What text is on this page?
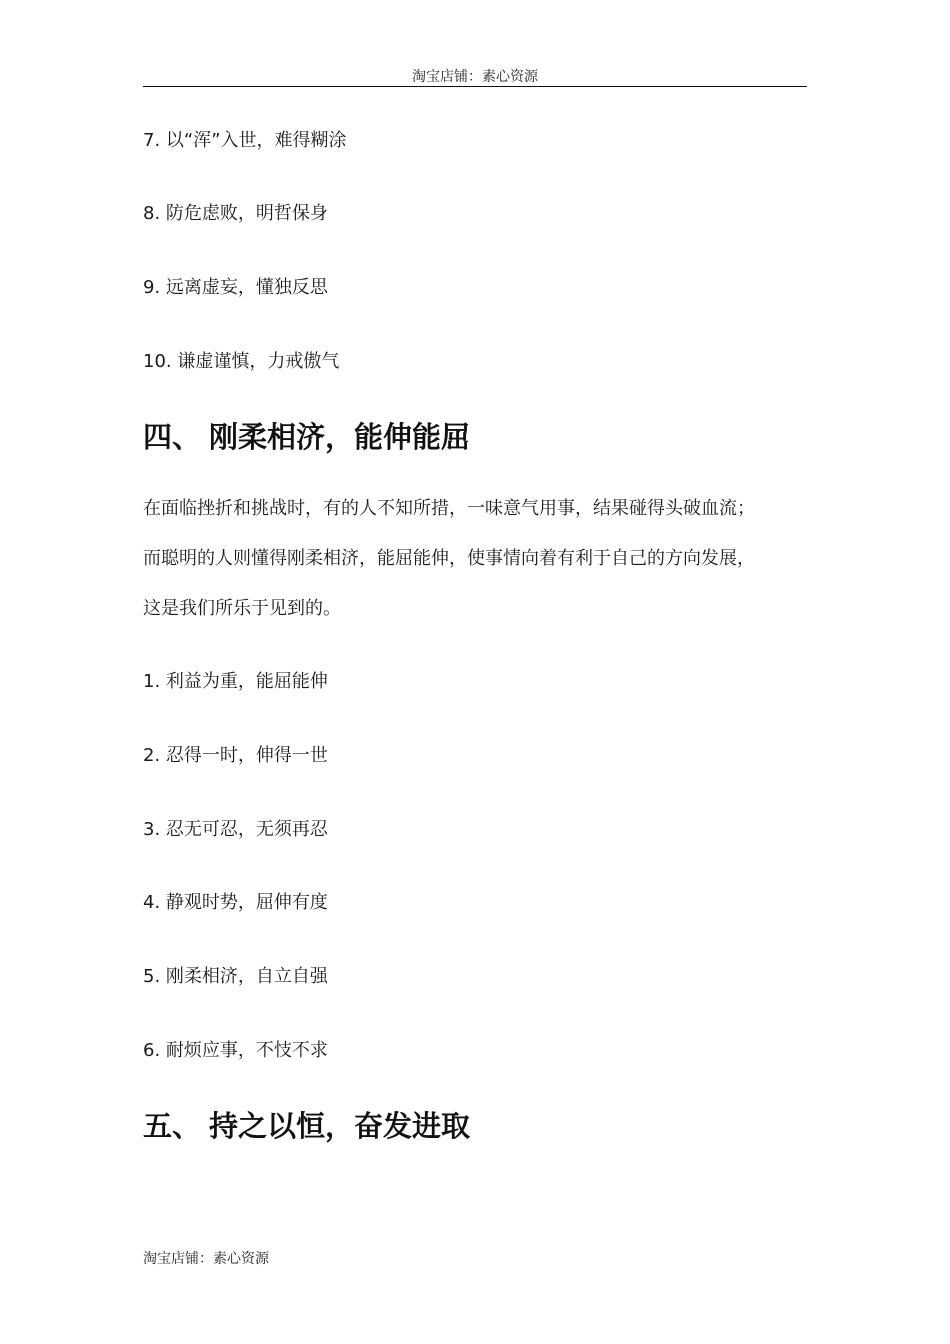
淘宝店铺：素心资源

7. 以“浑”入世，难得糊涂

8. 防危虑败，明哲保身

9. 远离虚妄，懂独反思

10. 谦虚谨慎，力戒傲气

四、 刚柔相济，能伸能屈

在面临挫折和挑战时，有的人不知所措，一味意气用事，结果碰得头破血流；

而聪明的人则懂得刚柔相济，能屈能伸，使事情向着有利于自己的方向发展，

这是我们所乐于见到的。

1. 利益为重，能屈能伸

2. 忍得一时，伸得一世

3. 忍无可忍，无须再忍

4. 静观时势，屈伸有度

5. 刚柔相济，自立自强

6. 耐烦应事，不忮不求

五、 持之以恒，奋发进取
淘宝店铺：素心资源
